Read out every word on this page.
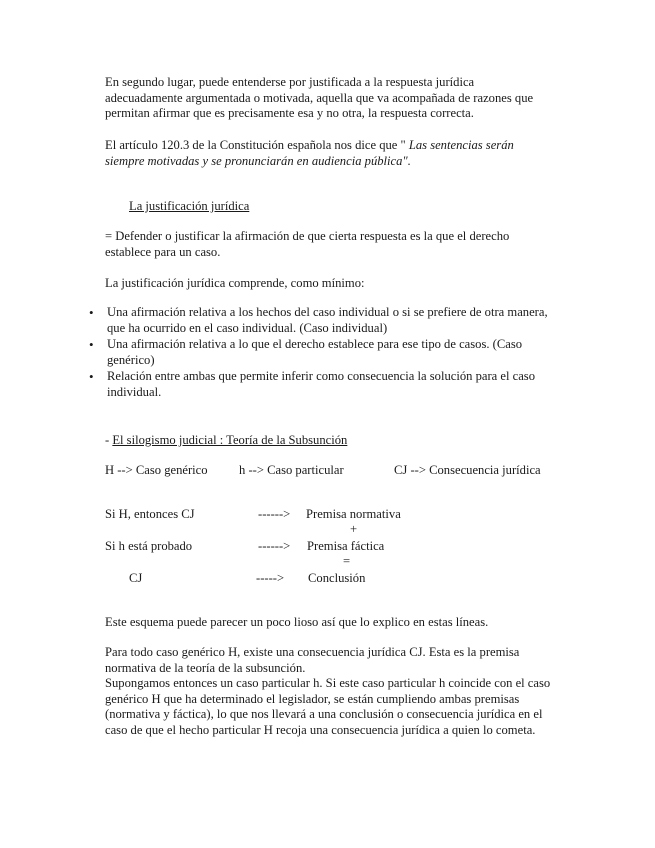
En segundo lugar, puede entenderse por justificada a la respuesta jurídica
adecuadamente argumentada o motivada, aquella que va acompañada de razones que
permitan afirmar que es precisamente esa y no otra, la respuesta correcta.
El artículo 120.3 de la Constitución española nos dice que " Las sentencias serán
siempre motivadas y se pronunciarán en audiencia pública".
La justificación jurídica
= Defender o justificar la afirmación de que cierta respuesta es la que el derecho
establece para un caso.
La justificación jurídica comprende, como mínimo:
• Una afirmación relativa a los hechos del caso individual o si se prefiere de otra manera,
que ha ocurrido en el caso individual. (Caso individual)
• Una afirmación relativa a lo que el derecho establece para ese tipo de casos. (Caso
genérico)
• Relación entre ambas que permite inferir como consecuencia la solución para el caso
individual.
- El silogismo judicial : Teoría de la Subsunción
H --> Caso genérico h --> Caso particular	CJ --> Consecuencia jurídica
Si H, entonces CJ	------> Premisa normativa
+
Si h está probado	------> Premisa fáctica
=
CJ	-----> Conclusión
Este esquema puede parecer un poco lioso así que lo explico en estas líneas.
Para todo caso genérico H, existe una consecuencia jurídica CJ. Esta es la premisa
normativa de la teoría de la subsunción.
Supongamos entonces un caso particular h. Si este caso particular h coincide con el caso
genérico H que ha determinado el legislador, se están cumpliendo ambas premisas
(normativa y fáctica), lo que nos llevará a una conclusión o consecuencia jurídica en el
caso de que el hecho particular H recoja una consecuencia jurídica a quien lo cometa.
